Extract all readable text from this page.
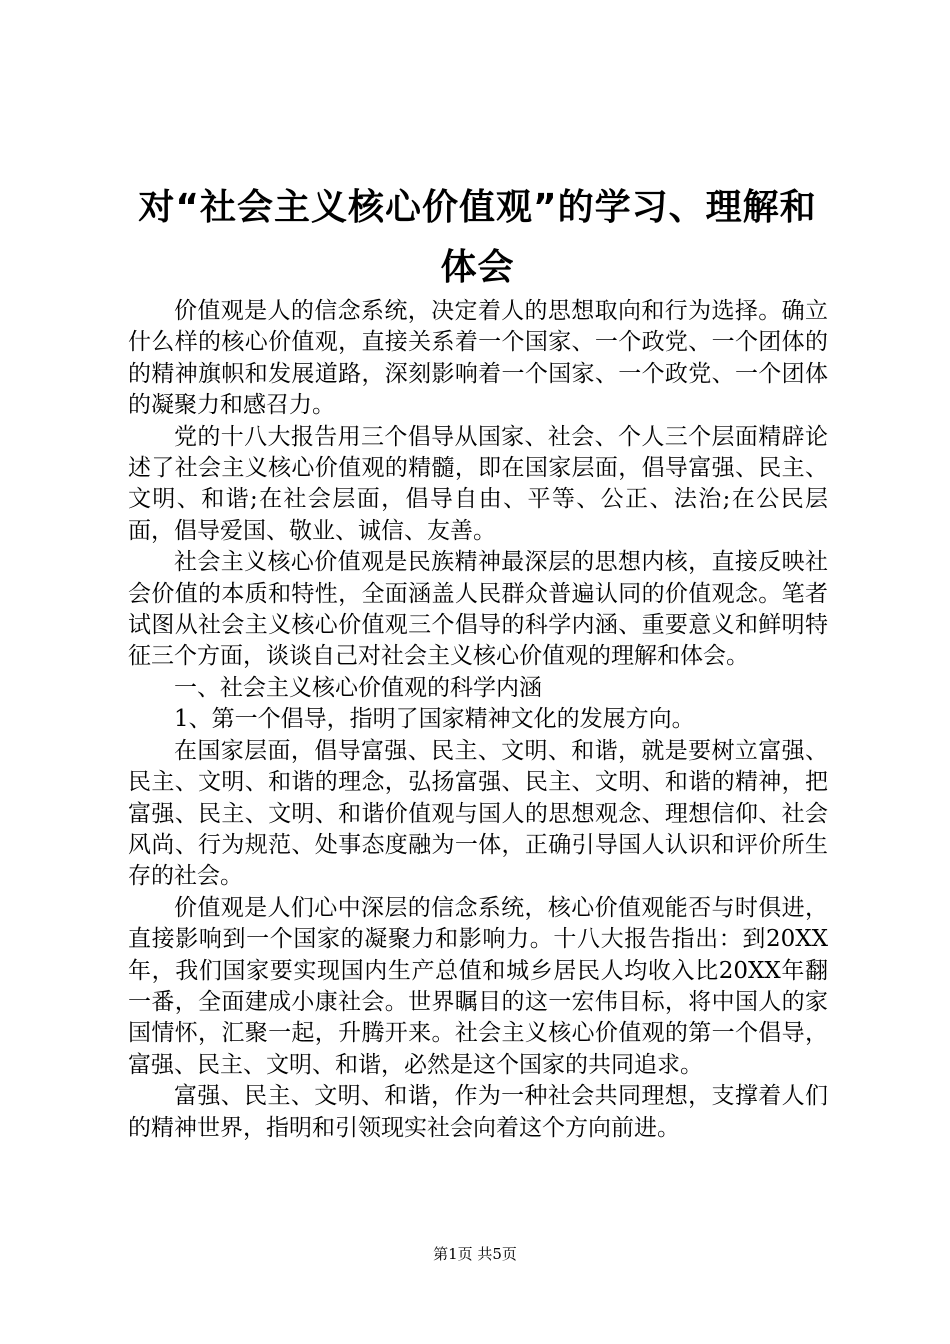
对“社会主义核心价值观”的学习、理解和体会

价值观是人的信念系统，决定着人的思想取向和行为选择。确立什么样的核心价值观，直接关系着一个国家、一个政党、一个团体的的精神旗帜和发展道路，深刻影响着一个国家、一个政党、一个团体的凝聚力和感召力。

党的十八大报告用三个倡导从国家、社会、个人三个层面精辟论述了社会主义核心价值观的精髓，即在国家层面，倡导富强、民主、文明、和谐;在社会层面，倡导自由、平等、公正、法治;在公民层面，倡导爱国、敬业、诚信、友善。

社会主义核心价值观是民族精神最深层的思想内核，直接反映社会价值的本质和特性，全面涵盖人民群众普遍认同的价值观念。笔者试图从社会主义核心价值观三个倡导的科学内涵、重要意义和鲜明特征三个方面，谈谈自己对社会主义核心价值观的理解和体会。

一、社会主义核心价值观的科学内涵

1、第一个倡导，指明了国家精神文化的发展方向。

在国家层面，倡导富强、民主、文明、和谐，就是要树立富强、民主、文明、和谐的理念，弘扬富强、民主、文明、和谐的精神，把富强、民主、文明、和谐价值观与国人的思想观念、理想信仰、社会风尚、行为规范、处事态度融为一体，正确引导国人认识和评价所生存的社会。

价值观是人们心中深层的信念系统，核心价值观能否与时俱进，直接影响到一个国家的凝聚力和影响力。十八大报告指出：到20XX年，我们国家要实现国内生产总值和城乡居民人均收入比20XX年翻一番，全面建成小康社会。世界瞩目的这一宏伟目标，将中国人的家国情怀，汇聚一起，升腾开来。社会主义核心价值观的第一个倡导，富强、民主、文明、和谐，必然是这个国家的共同追求。

富强、民主、文明、和谐，作为一种社会共同理想，支撑着人们的精神世界，指明和引领现实社会向着这个方向前进。

第1页 共5页
